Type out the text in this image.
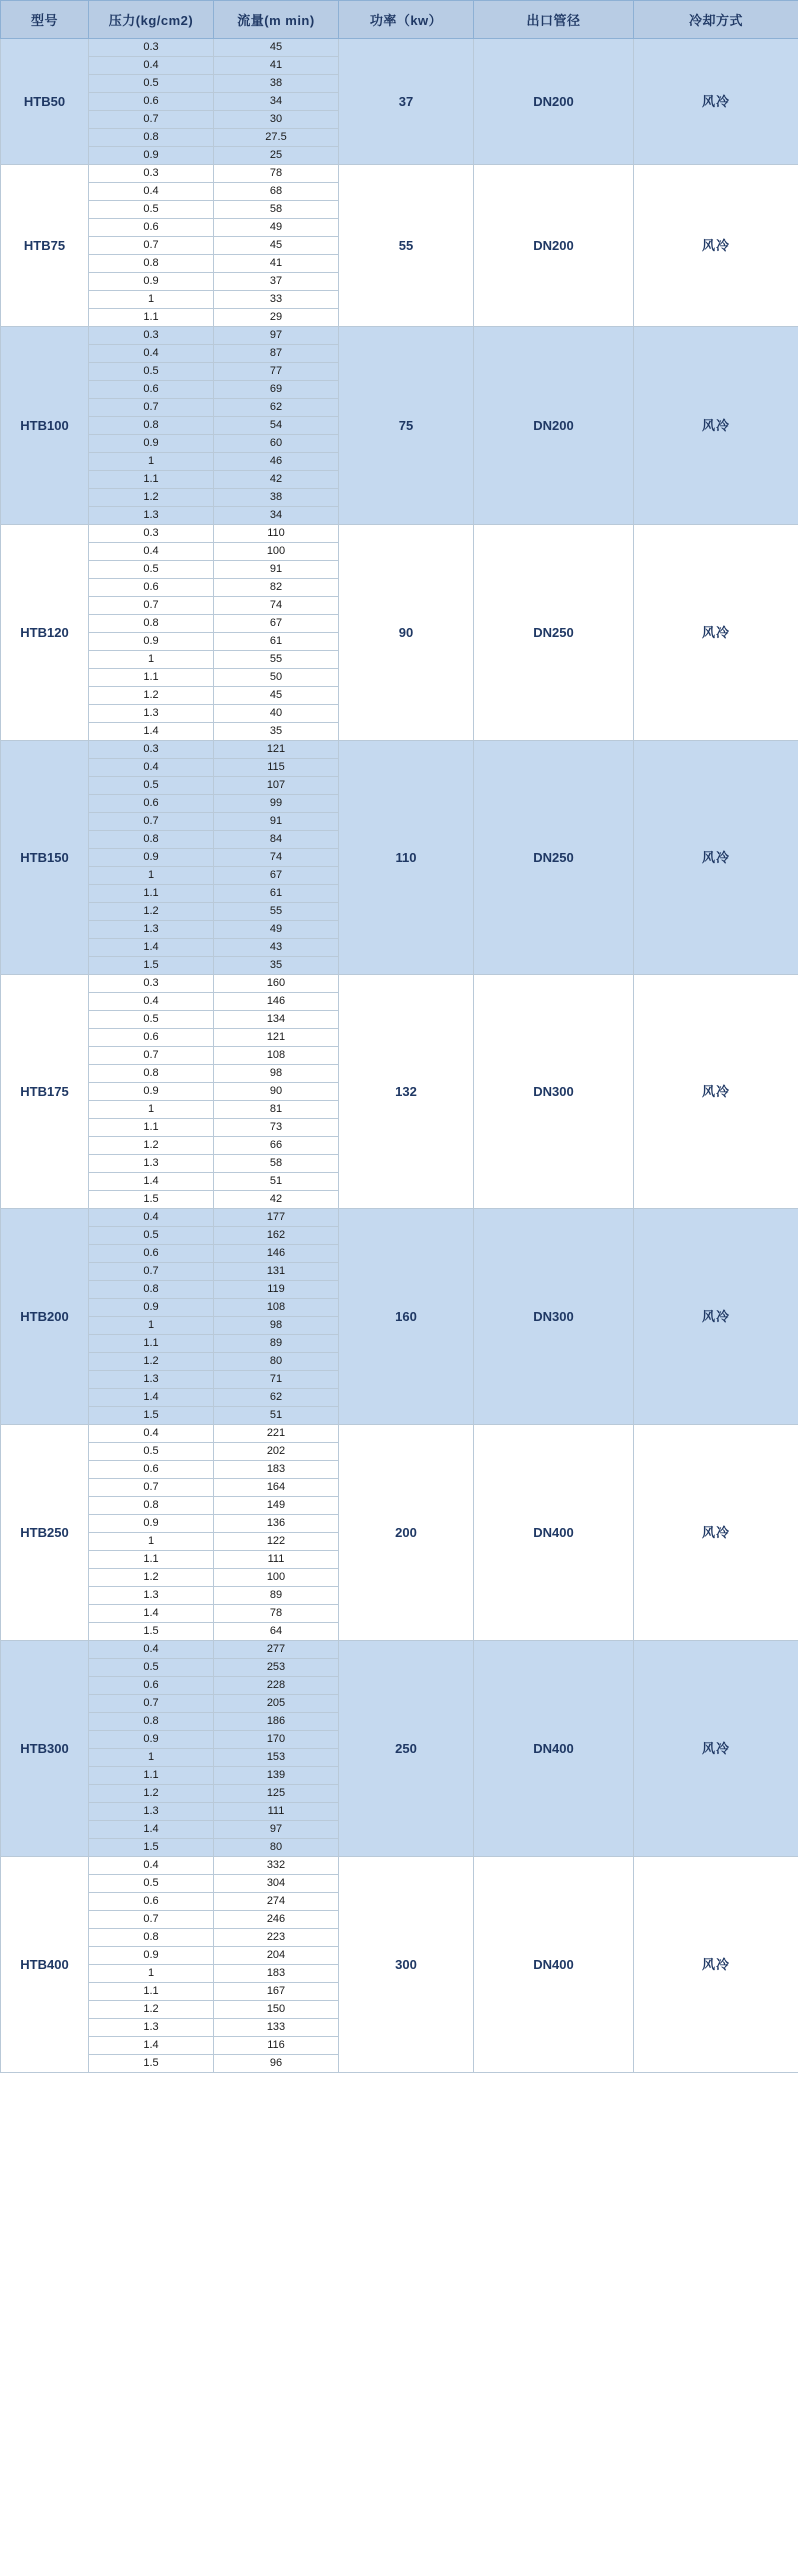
型号	压力(kg/cm2)	流量(m min)	功率（kw）	出口管径	冷却方式
HTB50	0.3	45	37	DN200	风冷
	0.4	41			
	0.5	38			
	0.6	34			
	0.7	30			
	0.8	27.5			
	0.9	25			
HTB75	0.3	78	55	DN200	风冷
	0.4	68			
	0.5	58			
	0.6	49			
	0.7	45			
	0.8	41			
	0.9	37			
	1	33			
	1.1	29			
HTB100	0.3	97	75	DN200	风冷
	0.4	87			
	0.5	77			
	0.6	69			
	0.7	62			
	0.8	54			
	0.9	60			
	1	46			
	1.1	42			
	1.2	38			
	1.3	34			
HTB120	0.3	110	90	DN250	风冷
	0.4	100			
	0.5	91			
	0.6	82			
	0.7	74			
	0.8	67			
	0.9	61			
	1	55			
	1.1	50			
	1.2	45			
	1.3	40			
	1.4	35			
HTB150	0.3	121	110	DN250	风冷
	0.4	115			
	0.5	107			
	0.6	99			
	0.7	91			
	0.8	84			
	0.9	74			
	1	67			
	1.1	61			
	1.2	55			
	1.3	49			
	1.4	43			
	1.5	35			
HTB175	0.3	160	132	DN300	风冷
	0.4	146			
	0.5	134			
	0.6	121			
	0.7	108			
	0.8	98			
	0.9	90			
	1	81			
	1.1	73			
	1.2	66			
	1.3	58			
	1.4	51			
	1.5	42			
HTB200	0.4	177	160	DN300	风冷
	0.5	162			
	0.6	146			
	0.7	131			
	0.8	119			
	0.9	108			
	1	98			
	1.1	89			
	1.2	80			
	1.3	71			
	1.4	62			
	1.5	51			
HTB250	0.4	221	200	DN400	风冷
	0.5	202			
	0.6	183			
	0.7	164			
	0.8	149			
	0.9	136			
	1	122			
	1.1	111			
	1.2	100			
	1.3	89			
	1.4	78			
	1.5	64			
HTB300	0.4	277	250	DN400	风冷
	0.5	253			
	0.6	228			
	0.7	205			
	0.8	186			
	0.9	170			
	1	153			
	1.1	139			
	1.2	125			
	1.3	111			
	1.4	97			
	1.5	80			
HTB400	0.4	332	300	DN400	风冷
	0.5	304			
	0.6	274			
	0.7	246			
	0.8	223			
	0.9	204			
	1	183			
	1.1	167			
	1.2	150			
	1.3	133			
	1.4	116			
	1.5	96			
